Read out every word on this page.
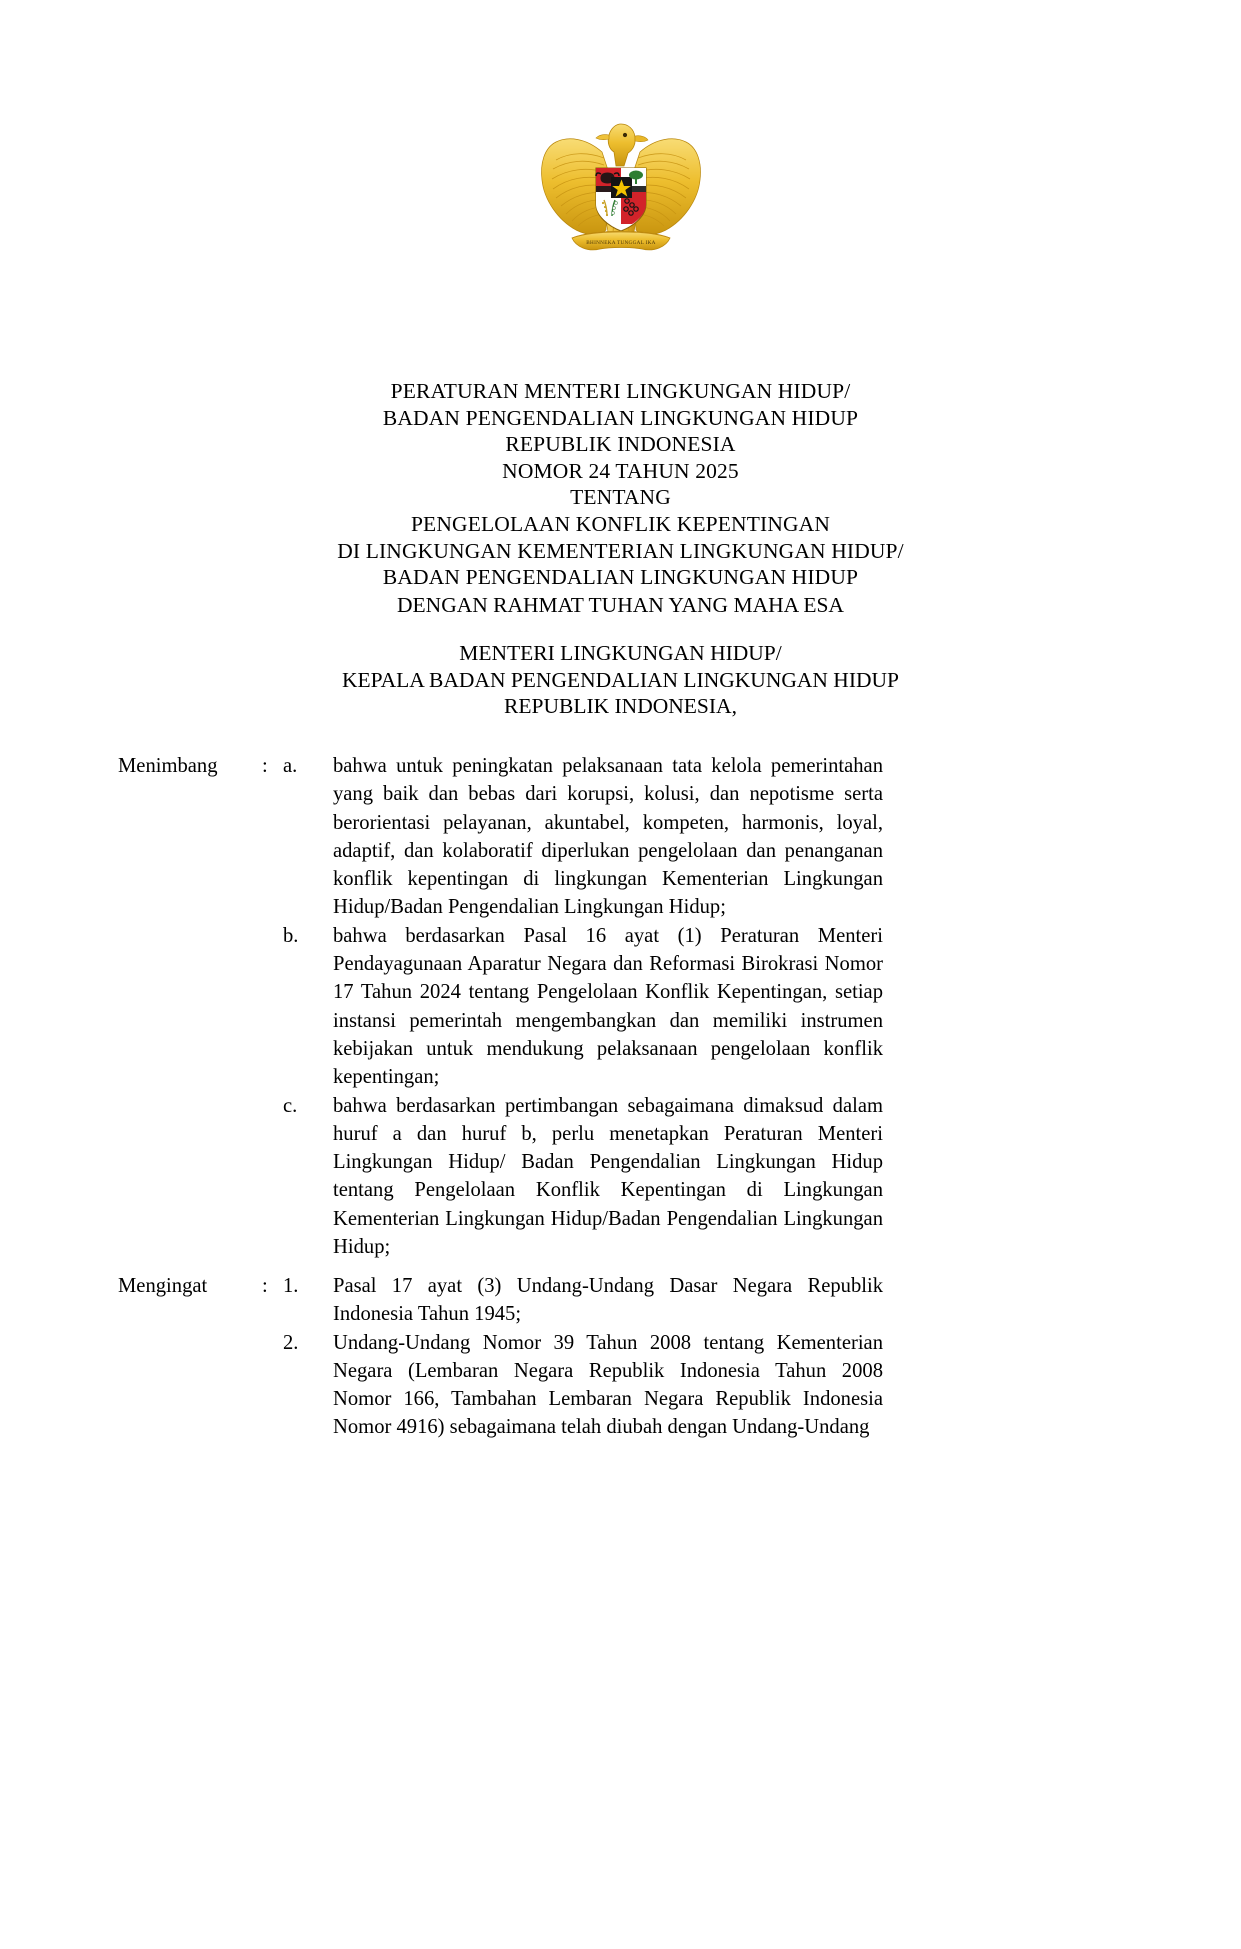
BHINNEKA TUNGGAL IKA
PERATURAN MENTERI LINGKUNGAN HIDUP/
BADAN PENGENDALIAN LINGKUNGAN HIDUP
REPUBLIK INDONESIA
NOMOR 24 TAHUN 2025
TENTANG
PENGELOLAAN KONFLIK KEPENTINGAN
DI LINGKUNGAN KEMENTERIAN LINGKUNGAN HIDUP/
BADAN PENGENDALIAN LINGKUNGAN HIDUP
DENGAN RAHMAT TUHAN YANG MAHA ESA
MENTERI LINGKUNGAN HIDUP/
KEPALA BADAN PENGENDALIAN LINGKUNGAN HIDUP
REPUBLIK INDONESIA,
Menimbang	: a.	bahwa untuk peningkatan pelaksanaan tata kelola pemerintahan yang baik dan bebas dari korupsi, kolusi, dan nepotisme serta berorientasi pelayanan, akuntabel, kompeten, harmonis, loyal, adaptif, dan kolaboratif diperlukan pengelolaan dan penanganan konflik kepentingan di lingkungan Kementerian Lingkungan Hidup/Badan Pengendalian Lingkungan Hidup;
b.	bahwa berdasarkan Pasal 16 ayat (1) Peraturan Menteri Pendayagunaan Aparatur Negara dan Reformasi Birokrasi Nomor 17 Tahun 2024 tentang Pengelolaan Konflik Kepentingan, setiap instansi pemerintah mengembangkan dan memiliki instrumen kebijakan untuk mendukung pelaksanaan pengelolaan konflik kepentingan;
c.	bahwa berdasarkan pertimbangan sebagaimana dimaksud dalam huruf a dan huruf b, perlu menetapkan Peraturan Menteri Lingkungan Hidup/ Badan Pengendalian Lingkungan Hidup tentang Pengelolaan Konflik Kepentingan di Lingkungan Kementerian Lingkungan Hidup/Badan Pengendalian Lingkungan Hidup;
Mengingat	: 1.	Pasal 17 ayat (3) Undang-Undang Dasar Negara Republik Indonesia Tahun 1945;
2.	Undang-Undang Nomor 39 Tahun 2008 tentang Kementerian Negara (Lembaran Negara Republik Indonesia Tahun 2008 Nomor 166, Tambahan Lembaran Negara Republik Indonesia Nomor 4916) sebagaimana telah diubah dengan Undang-Undang
